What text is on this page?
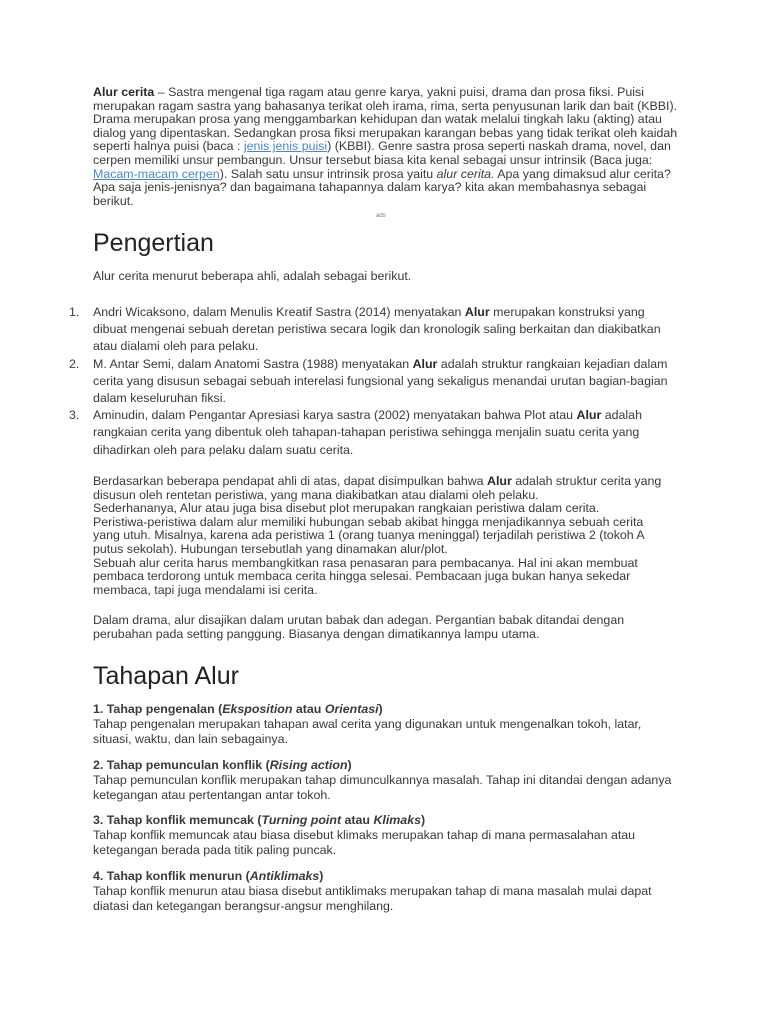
Alur cerita – Sastra mengenal tiga ragam atau genre karya, yakni puisi, drama dan prosa fiksi. Puisi merupakan ragam sastra yang bahasanya terikat oleh irama, rima, serta penyusunan larik dan bait (KBBI). Drama merupakan prosa yang menggambarkan kehidupan dan watak melalui tingkah laku (akting) atau dialog yang dipentaskan. Sedangkan prosa fiksi merupakan karangan bebas yang tidak terikat oleh kaidah seperti halnya puisi (baca : jenis jenis puisi) (KBBI). Genre sastra prosa seperti naskah drama, novel, dan cerpen memiliki unsur pembangun. Unsur tersebut biasa kita kenal sebagai unsur intrinsik (Baca juga: Macam-macam cerpen). Salah satu unsur intrinsik prosa yaitu alur cerita. Apa yang dimaksud alur cerita? Apa saja jenis-jenisnya? dan bagaimana tahapannya dalam karya? kita akan membahasnya sebagai berikut.
ads
Pengertian
Alur cerita menurut beberapa ahli, adalah sebagai berikut.
1. Andri Wicaksono, dalam Menulis Kreatif Sastra (2014) menyatakan Alur merupakan konstruksi yang dibuat mengenai sebuah deretan peristiwa secara logik dan kronologik saling berkaitan dan diakibatkan atau dialami oleh para pelaku.
2. M. Antar Semi, dalam Anatomi Sastra (1988) menyatakan Alur adalah struktur rangkaian kejadian dalam cerita yang disusun sebagai sebuah interelasi fungsional yang sekaligus menandai urutan bagian-bagian dalam keseluruhan fiksi.
3. Aminudin, dalam Pengantar Apresiasi karya sastra (2002) menyatakan bahwa Plot atau Alur adalah rangkaian cerita yang dibentuk oleh tahapan-tahapan peristiwa sehingga menjalin suatu cerita yang dihadirkan oleh para pelaku dalam suatu cerita.
Berdasarkan beberapa pendapat ahli di atas, dapat disimpulkan bahwa Alur adalah struktur cerita yang disusun oleh rentetan peristiwa, yang mana diakibatkan atau dialami oleh pelaku.
Sederhananya, Alur atau juga bisa disebut plot merupakan rangkaian peristiwa dalam cerita.
Peristiwa-peristiwa dalam alur memiliki hubungan sebab akibat hingga menjadikannya sebuah cerita yang utuh. Misalnya, karena ada peristiwa 1 (orang tuanya meninggal) terjadilah peristiwa 2 (tokoh A putus sekolah). Hubungan tersebutlah yang dinamakan alur/plot.
Sebuah alur cerita harus membangkitkan rasa penasaran para pembacanya. Hal ini akan membuat pembaca terdorong untuk membaca cerita hingga selesai. Pembacaan juga bukan hanya sekedar membaca, tapi juga mendalami isi cerita.
Dalam drama, alur disajikan dalam urutan babak dan adegan. Pergantian babak ditandai dengan perubahan pada setting panggung. Biasanya dengan dimatikannya lampu utama.
Tahapan Alur
1. Tahap pengenalan (Eksposition atau Orientasi)
Tahap pengenalan merupakan tahapan awal cerita yang digunakan untuk mengenalkan tokoh, latar, situasi, waktu, dan lain sebagainya.
2. Tahap pemunculan konflik (Rising action)
Tahap pemunculan konflik merupakan tahap dimunculkannya masalah. Tahap ini ditandai dengan adanya ketegangan atau pertentangan antar tokoh.
3. Tahap konflik memuncak (Turning point atau Klimaks)
Tahap konflik memuncak atau biasa disebut klimaks merupakan tahap di mana permasalahan atau ketegangan berada pada titik paling puncak.
4. Tahap konflik menurun (Antiklimaks)
Tahap konflik menurun atau biasa disebut antiklimaks merupakan tahap di mana masalah mulai dapat diatasi dan ketegangan berangsur-angsur menghilang.
